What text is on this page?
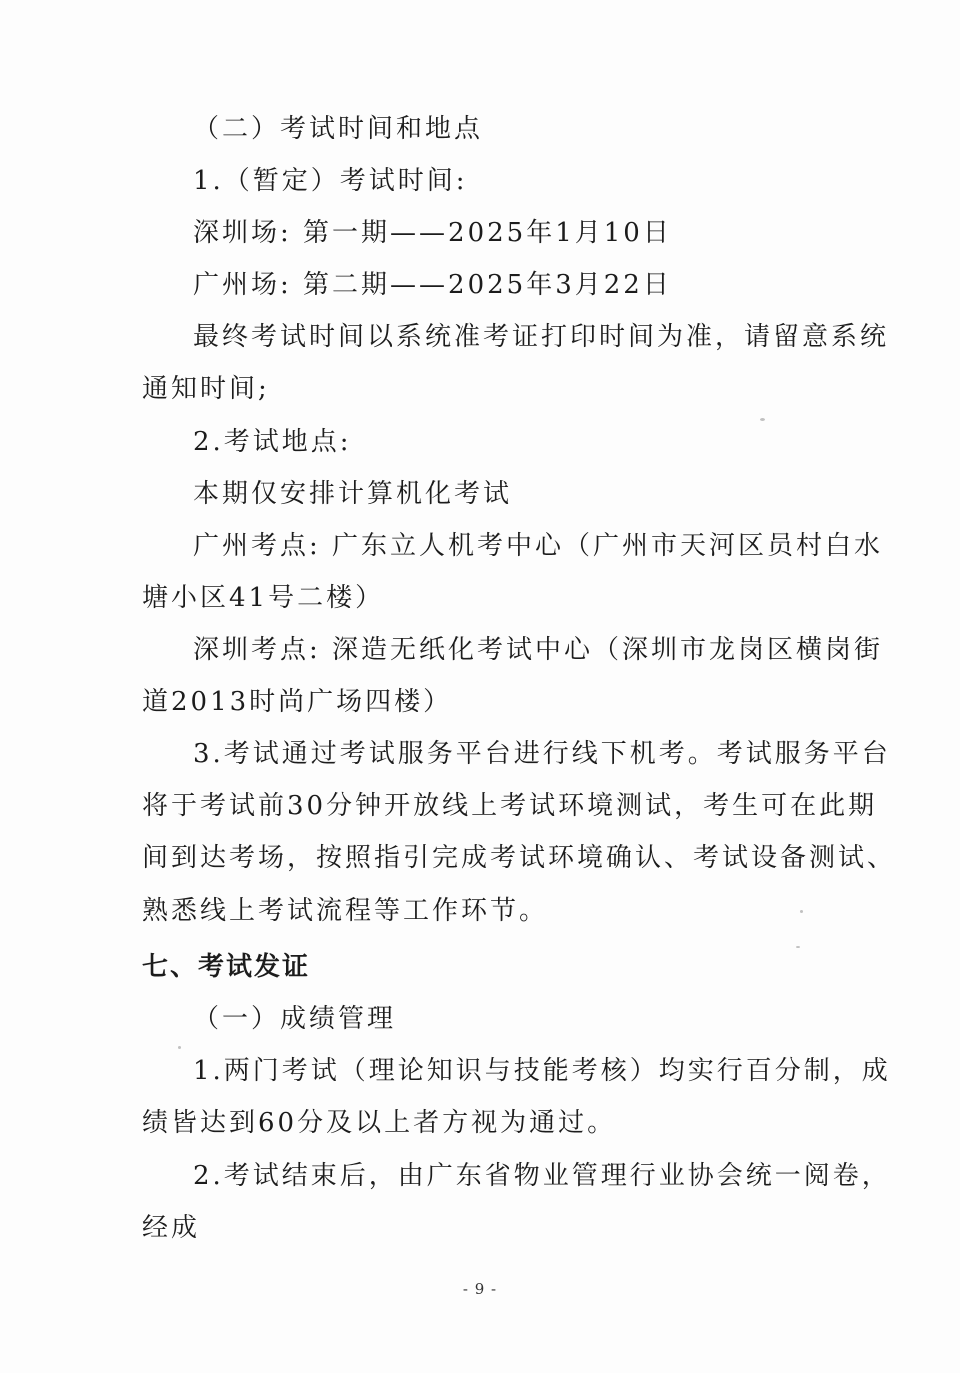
（二）考试时间和地点
1.（暂定）考试时间:
深圳场: 第一期——2025年1月10日
广州场: 第二期——2025年3月22日
最终考试时间以系统准考证打印时间为准，请留意系统
通知时间;
2.考试地点:
本期仅安排计算机化考试
广州考点: 广东立人机考中心（广州市天河区员村白水
塘小区41号二楼）
深圳考点: 深造无纸化考试中心（深圳市龙岗区横岗街
道2013时尚广场四楼）
3.考试通过考试服务平台进行线下机考。考试服务平台
将于考试前30分钟开放线上考试环境测试，考生可在此期
间到达考场，按照指引完成考试环境确认、考试设备测试、
熟悉线上考试流程等工作环节。
七、考试发证
（一）成绩管理
1.两门考试（理论知识与技能考核）均实行百分制，成
绩皆达到60分及以上者方视为通过。
2.考试结束后，由广东省物业管理行业协会统一阅卷，
经成
- 9 -
